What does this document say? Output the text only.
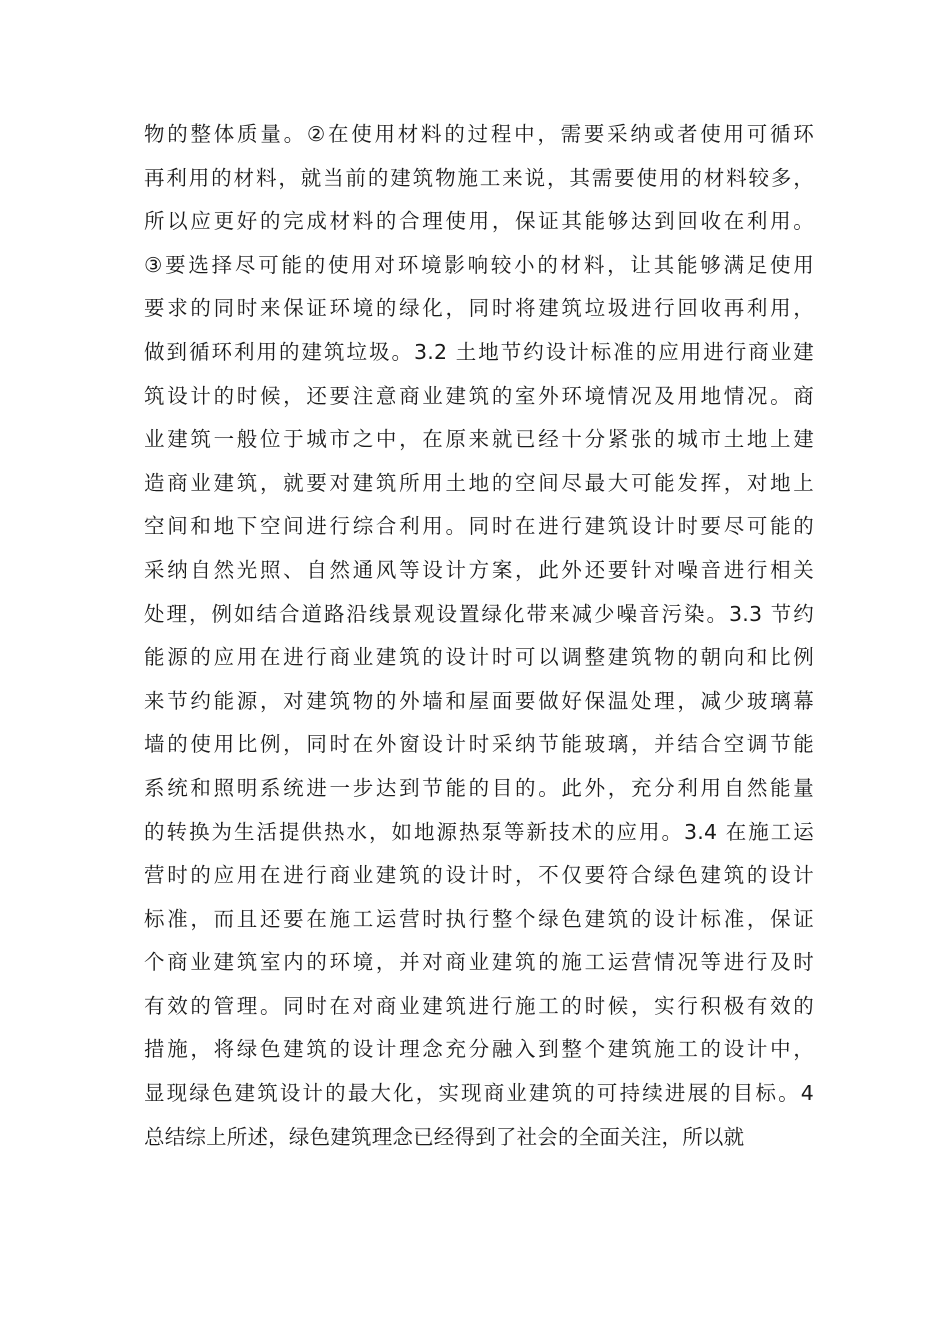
物的整体质量。②在使用材料的过程中，需要采纳或者使用可循环
再利用的材料，就当前的建筑物施工来说，其需要使用的材料较多，
所以应更好的完成材料的合理使用，保证其能够达到回收在利用。
③要选择尽可能的使用对环境影响较小的材料，让其能够满足使用
要求的同时来保证环境的绿化，同时将建筑垃圾进行回收再利用，
做到循环利用的建筑垃圾。3.2 土地节约设计标准的应用进行商业建
筑设计的时候，还要注意商业建筑的室外环境情况及用地情况。商
业建筑一般位于城市之中，在原来就已经十分紧张的城市土地上建
造商业建筑，就要对建筑所用土地的空间尽最大可能发挥，对地上
空间和地下空间进行综合利用。同时在进行建筑设计时要尽可能的
采纳自然光照、自然通风等设计方案，此外还要针对噪音进行相关
处理，例如结合道路沿线景观设置绿化带来减少噪音污染。3.3 节约
能源的应用在进行商业建筑的设计时可以调整建筑物的朝向和比例
来节约能源，对建筑物的外墙和屋面要做好保温处理，减少玻璃幕
墙的使用比例，同时在外窗设计时采纳节能玻璃，并结合空调节能
系统和照明系统进一步达到节能的目的。此外，充分利用自然能量
的转换为生活提供热水，如地源热泵等新技术的应用。3.4 在施工运
营时的应用在进行商业建筑的设计时，不仅要符合绿色建筑的设计
标准，而且还要在施工运营时执行整个绿色建筑的设计标准，保证
个商业建筑室内的环境，并对商业建筑的施工运营情况等进行及时
有效的管理。同时在对商业建筑进行施工的时候，实行积极有效的
措施，将绿色建筑的设计理念充分融入到整个建筑施工的设计中，
显现绿色建筑设计的最大化，实现商业建筑的可持续进展的目标。4
总结综上所述，绿色建筑理念已经得到了社会的全面关注，所以就
